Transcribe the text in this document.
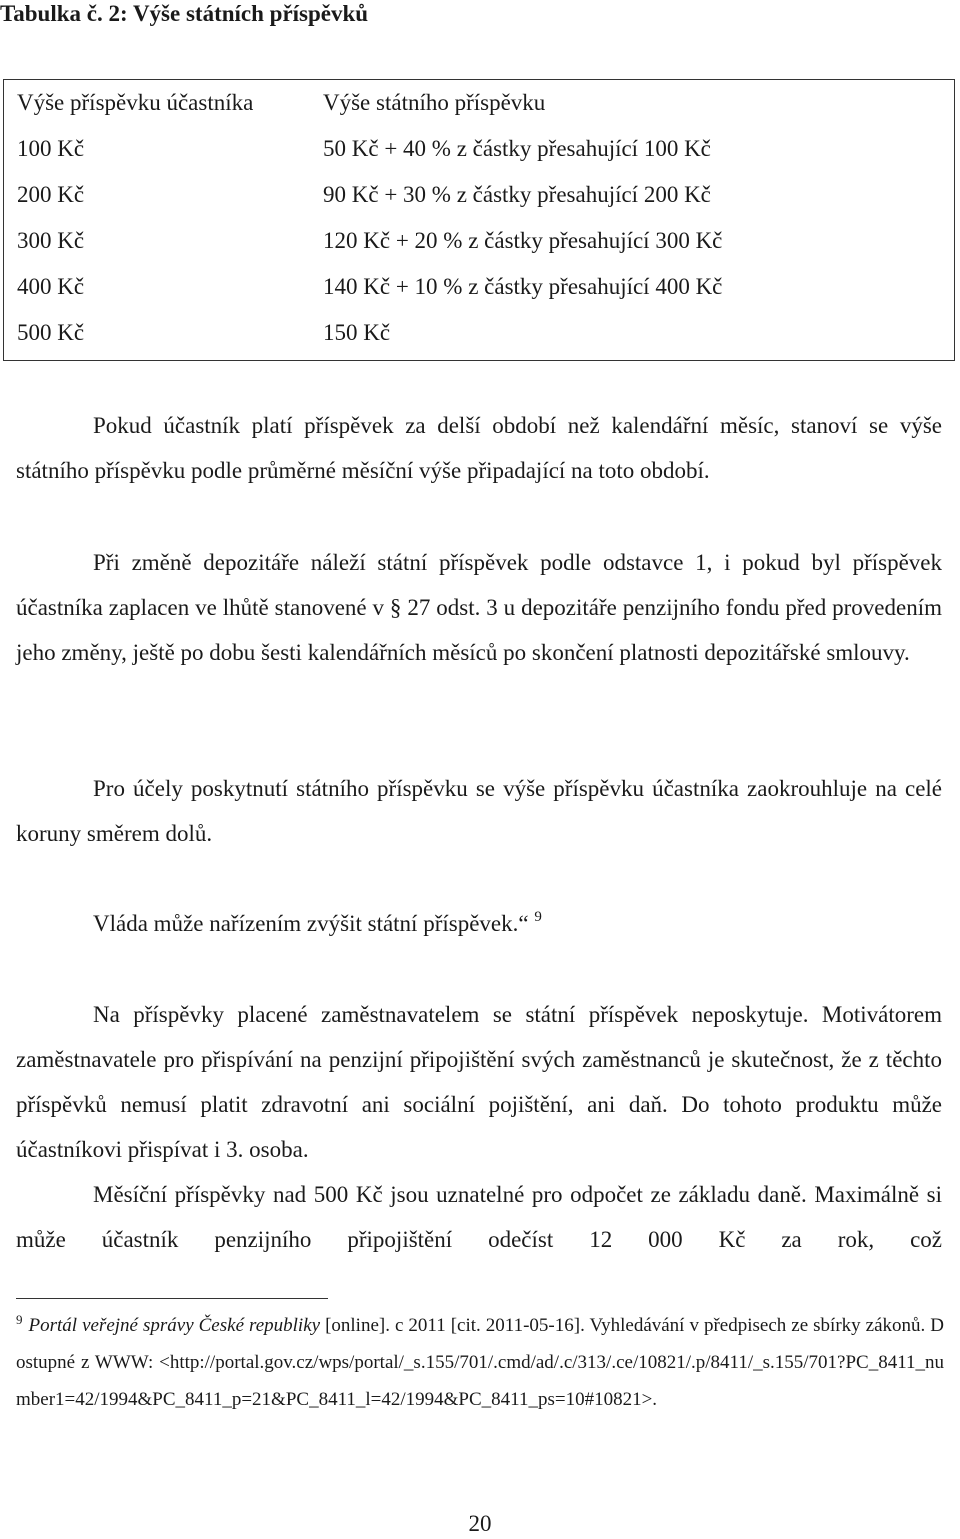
Tabulka č. 2: Výše státních příspěvků
Výše příspěvku účastníka	Výše státního příspěvku
100 Kč	50 Kč + 40 % z částky přesahující 100 Kč
200 Kč	90 Kč + 30 % z částky přesahující 200 Kč
300 Kč	120 Kč + 20 % z částky přesahující 300 Kč
400 Kč	140 Kč + 10 % z částky přesahující 400 Kč
500 Kč	150 Kč
Pokud účastník platí příspěvek za delší období než kalendářní měsíc, stanoví se výše státního příspěvku podle průměrné měsíční výše připadající na toto období.
Při změně depozitáře náleží státní příspěvek podle odstavce 1, i pokud byl příspěvek účastníka zaplacen ve lhůtě stanovené v § 27 odst. 3 u depozitáře penzijního fondu před provedením jeho změny, ještě po dobu šesti kalendářních měsíců po skončení platnosti depozitářské smlouvy.
Pro účely poskytnutí státního příspěvku se výše příspěvku účastníka zaokrouhluje na celé koruny směrem dolů.
Vláda může nařízením zvýšit státní příspěvek.“ $^9$
Na příspěvky placené zaměstnavatelem se státní příspěvek neposkytuje. Motivátorem zaměstnavatele pro přispívání na penzijní připojištění svých zaměstnanců je skutečnost, že z těchto příspěvků nemusí platit zdravotní ani sociální pojištění, ani daň. Do tohoto produktu může účastníkovi přispívat i 3. osoba.
Měsíční příspěvky nad 500 Kč jsou uznatelné pro odpočet ze základu daně. Maximálně si může účastník penzijního připojištění odečíst 12 000 Kč za rok, což
$^9$ Portál veřejné správy České republiky [online]. c 2011 [cit. 2011-05-16]. Vyhledávání v předpisech ze sbírky zákonů. Dostupné z WWW: <http://portal.gov.cz/wps/portal/_s.155/701/.cmd/ad/.c/313/.ce/10821/.p/8411/_s.155/701?PC_8411_number1=42/1994&PC_8411_p=21&PC_8411_l=42/1994&PC_8411_ps=10#10821>.
20
